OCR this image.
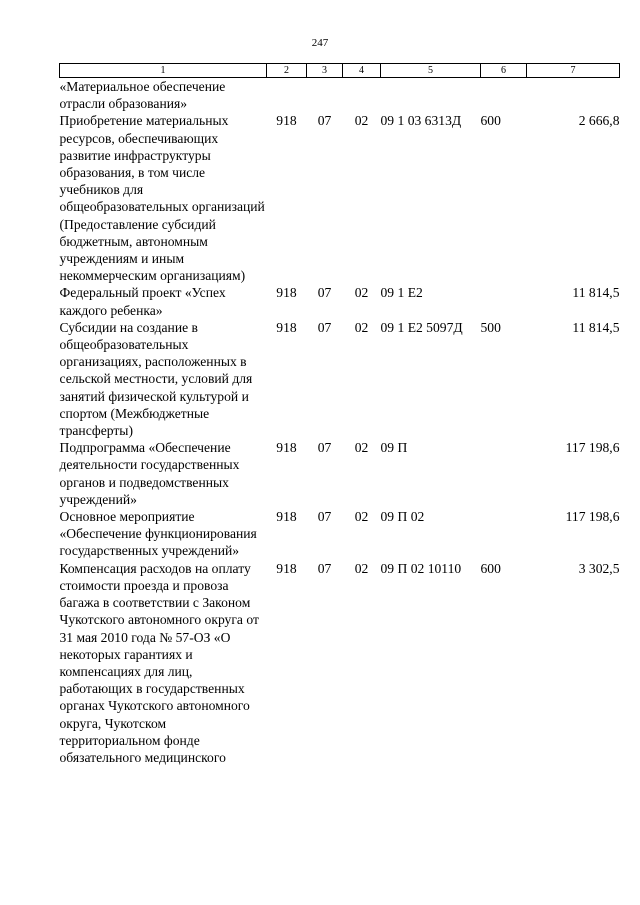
247
1	2	3	4	5	6	7
«Материальное обеспечение отрасли образования»						
Приобретение материальных ресурсов, обеспечивающих развитие инфраструктуры образования, в том числе учебников для общеобразовательных организаций (Предоставление субсидий бюджетным, автономным учреждениям и иным некоммерческим организациям)	918	07	02	09 1 03 6313Д	600	2 666,8
Федеральный проект «Успех каждого ребенка»	918	07	02	09 1 Е2		11 814,5
Субсидии на создание в общеобразовательных организациях, расположенных в сельской местности, условий для занятий физической культурой и спортом (Межбюджетные трансферты)	918	07	02	09 1 Е2 5097Д	500	11 814,5
Подпрограмма «Обеспечение деятельности государственных органов и подведомственных учреждений»	918	07	02	09 П		117 198,6
Основное мероприятие «Обеспечение функционирования государственных учреждений»	918	07	02	09 П 02		117 198,6
Компенсация расходов на оплату стоимости проезда и провоза багажа в соответствии с Законом Чукотского автономного округа от 31 мая 2010 года № 57-ОЗ «О некоторых гарантиях и компенсациях для лиц, работающих в государственных органах Чукотского автономного округа, Чукотском территориальном фонде обязательного медицинского	918	07	02	09 П 02 10110	600	3 302,5
